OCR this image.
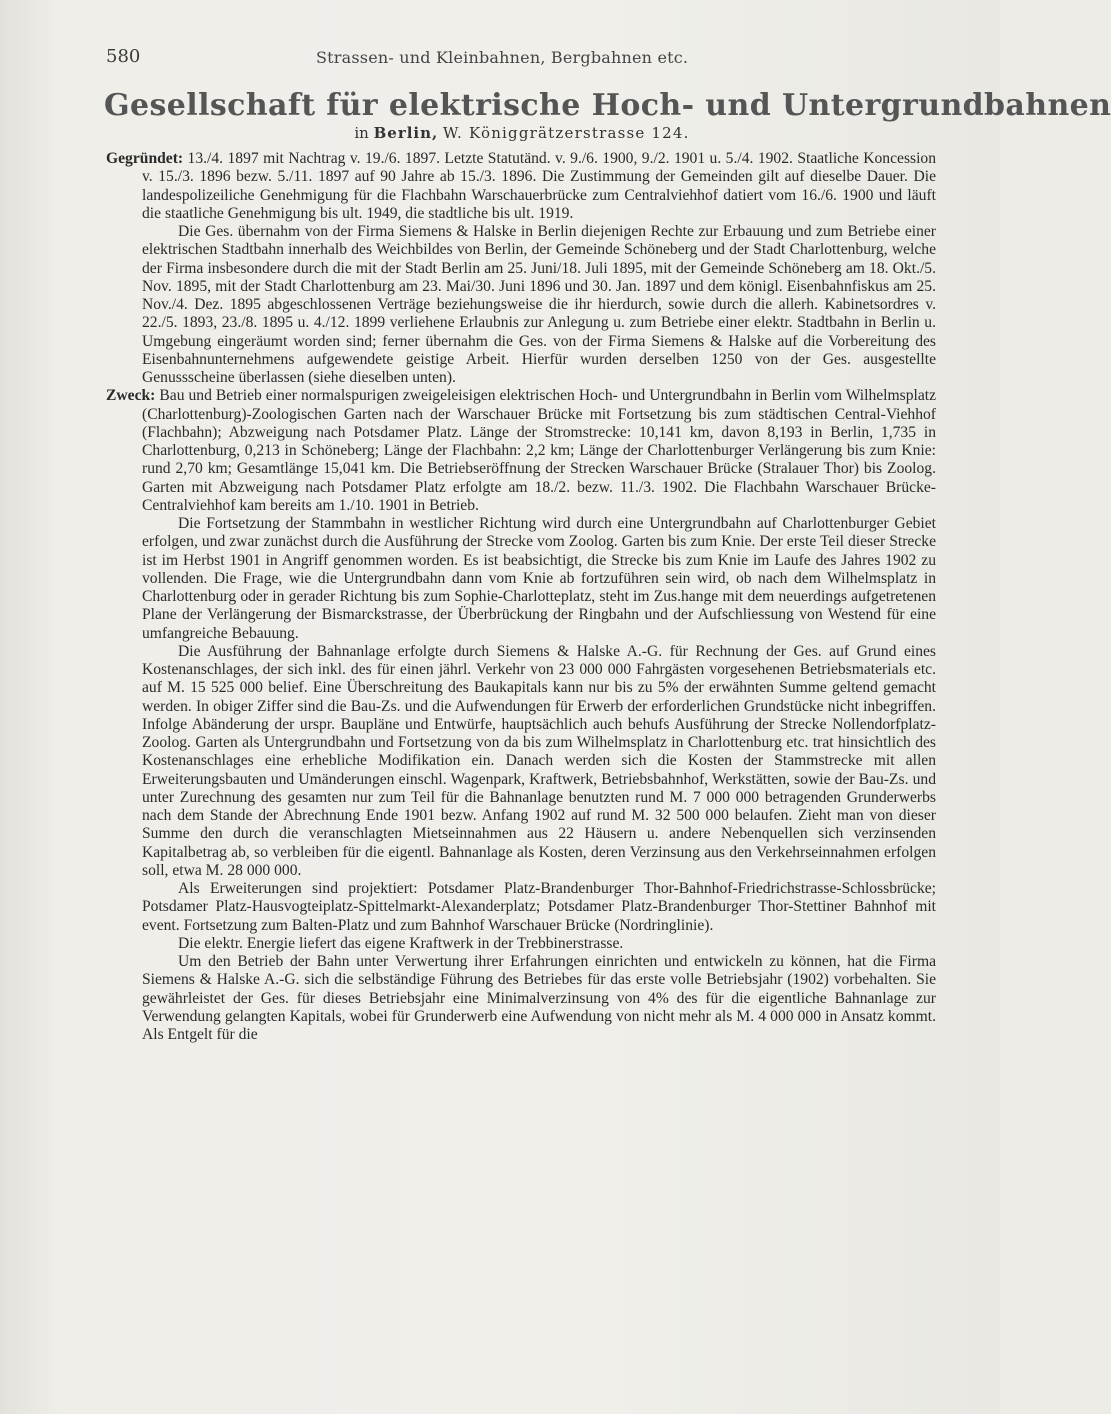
580	Strassen- und Kleinbahnen, Bergbahnen etc.
Gesellschaft für elektrische Hoch- und Untergrundbahnen
in Berlin, W. Königgrätzerstrasse 124.

Gegründet: 13./4. 1897 mit Nachtrag v. 19./6. 1897. Letzte Statutänd. v. 9./6. 1900, 9./2. 1901 u. 5./4. 1902. Staatliche Koncession v. 15./3. 1896 bezw. 5./11. 1897 auf 90 Jahre ab 15./3. 1896. Die Zustimmung der Gemeinden gilt auf dieselbe Dauer. Die landespolizeiliche Genehmigung für die Flachbahn Warschauerbrücke zum Centralviehhof datiert vom 16./6. 1900 und läuft die staatliche Genehmigung bis ult. 1949, die stadtliche bis ult. 1919.

Die Ges. übernahm von der Firma Siemens & Halske in Berlin diejenigen Rechte zur Erbauung und zum Betriebe einer elektrischen Stadtbahn innerhalb des Weichbildes von Berlin, der Gemeinde Schöneberg und der Stadt Charlottenburg, welche der Firma insbesondere durch die mit der Stadt Berlin am 25. Juni/18. Juli 1895, mit der Gemeinde Schöneberg am 18. Okt./5. Nov. 1895, mit der Stadt Charlottenburg am 23. Mai/30. Juni 1896 und 30. Jan. 1897 und dem königl. Eisenbahnfiskus am 25. Nov./4. Dez. 1895 abgeschlossenen Verträge beziehungsweise die ihr hierdurch, sowie durch die allerh. Kabinetsordres v. 22./5. 1893, 23./8. 1895 u. 4./12. 1899 verliehene Erlaubnis zur Anlegung u. zum Betriebe einer elektr. Stadtbahn in Berlin u. Umgebung eingeräumt worden sind; ferner übernahm die Ges. von der Firma Siemens & Halske auf die Vorbereitung des Eisenbahnunternehmens aufgewendete geistige Arbeit. Hierfür wurden derselben 1250 von der Ges. ausgestellte Genussscheine überlassen (siehe dieselben unten).

Zweck: Bau und Betrieb einer normalspurigen zweigeleisigen elektrischen Hoch- und Untergrundbahn in Berlin vom Wilhelmsplatz (Charlottenburg)-Zoologischen Garten nach der Warschauer Brücke mit Fortsetzung bis zum städtischen Central-Viehhof (Flachbahn); Abzweigung nach Potsdamer Platz. Länge der Stromstrecke: 10,141 km, davon 8,193 in Berlin, 1,735 in Charlottenburg, 0,213 in Schöneberg; Länge der Flachbahn: 2,2 km; Länge der Charlottenburger Verlängerung bis zum Knie: rund 2,70 km; Gesamtlänge 15,041 km. Die Betriebseröffnung der Strecken Warschauer Brücke (Stralauer Thor) bis Zoolog. Garten mit Abzweigung nach Potsdamer Platz erfolgte am 18./2. bezw. 11./3. 1902. Die Flachbahn Warschauer Brücke-Centralviehhof kam bereits am 1./10. 1901 in Betrieb.

Die Fortsetzung der Stammbahn in westlicher Richtung wird durch eine Untergrundbahn auf Charlottenburger Gebiet erfolgen, und zwar zunächst durch die Ausführung der Strecke vom Zoolog. Garten bis zum Knie. Der erste Teil dieser Strecke ist im Herbst 1901 in Angriff genommen worden. Es ist beabsichtigt, die Strecke bis zum Knie im Laufe des Jahres 1902 zu vollenden. Die Frage, wie die Untergrundbahn dann vom Knie ab fortzuführen sein wird, ob nach dem Wilhelmsplatz in Charlottenburg oder in gerader Richtung bis zum Sophie-Charlotteplatz, steht im Zus.hange mit dem neuerdings aufgetretenen Plane der Verlängerung der Bismarckstrasse, der Überbrückung der Ringbahn und der Aufschliessung von Westend für eine umfangreiche Bebauung.

Die Ausführung der Bahnanlage erfolgte durch Siemens & Halske A.-G. für Rechnung der Ges. auf Grund eines Kostenanschlages, der sich inkl. des für einen jährl. Verkehr von 23 000 000 Fahrgästen vorgesehenen Betriebsmaterials etc. auf M. 15 525 000 belief. Eine Überschreitung des Baukapitals kann nur bis zu 5% der erwähnten Summe geltend gemacht werden. In obiger Ziffer sind die Bau-Zs. und die Aufwendungen für Erwerb der erforderlichen Grundstücke nicht inbegriffen. Infolge Abänderung der urspr. Baupläne und Entwürfe, hauptsächlich auch behufs Ausführung der Strecke Nollendorfplatz-Zoolog. Garten als Untergrundbahn und Fortsetzung von da bis zum Wilhelmsplatz in Charlottenburg etc. trat hinsichtlich des Kostenanschlages eine erhebliche Modifikation ein. Danach werden sich die Kosten der Stammstrecke mit allen Erweiterungsbauten und Umänderungen einschl. Wagenpark, Kraftwerk, Betriebsbahnhof, Werkstätten, sowie der Bau-Zs. und unter Zurechnung des gesamten nur zum Teil für die Bahnanlage benutzten rund M. 7 000 000 betragenden Grunderwerbs nach dem Stande der Abrechnung Ende 1901 bezw. Anfang 1902 auf rund M. 32 500 000 belaufen. Zieht man von dieser Summe den durch die veranschlagten Mietseinnahmen aus 22 Häusern u. andere Nebenquellen sich verzinsenden Kapitalbetrag ab, so verbleiben für die eigentl. Bahnanlage als Kosten, deren Verzinsung aus den Verkehrseinnahmen erfolgen soll, etwa M. 28 000 000.

Als Erweiterungen sind projektiert: Potsdamer Platz-Brandenburger Thor-Bahnhof-Friedrichstrasse-Schlossbrücke; Potsdamer Platz-Hausvogteiplatz-Spittelmarkt-Alexanderplatz; Potsdamer Platz-Brandenburger Thor-Stettiner Bahnhof mit event. Fortsetzung zum Balten-Platz und zum Bahnhof Warschauer Brücke (Nordringlinie).

Die elektr. Energie liefert das eigene Kraftwerk in der Trebbinerstrasse.

Um den Betrieb der Bahn unter Verwertung ihrer Erfahrungen einrichten und entwickeln zu können, hat die Firma Siemens & Halske A.-G. sich die selbständige Führung des Betriebes für das erste volle Betriebsjahr (1902) vorbehalten. Sie gewährleistet der Ges. für dieses Betriebsjahr eine Minimalverzinsung von 4% des für die eigentliche Bahnanlage zur Verwendung gelangten Kapitals, wobei für Grunderwerb eine Aufwendung von nicht mehr als M. 4 000 000 in Ansatz kommt. Als Entgelt für die
